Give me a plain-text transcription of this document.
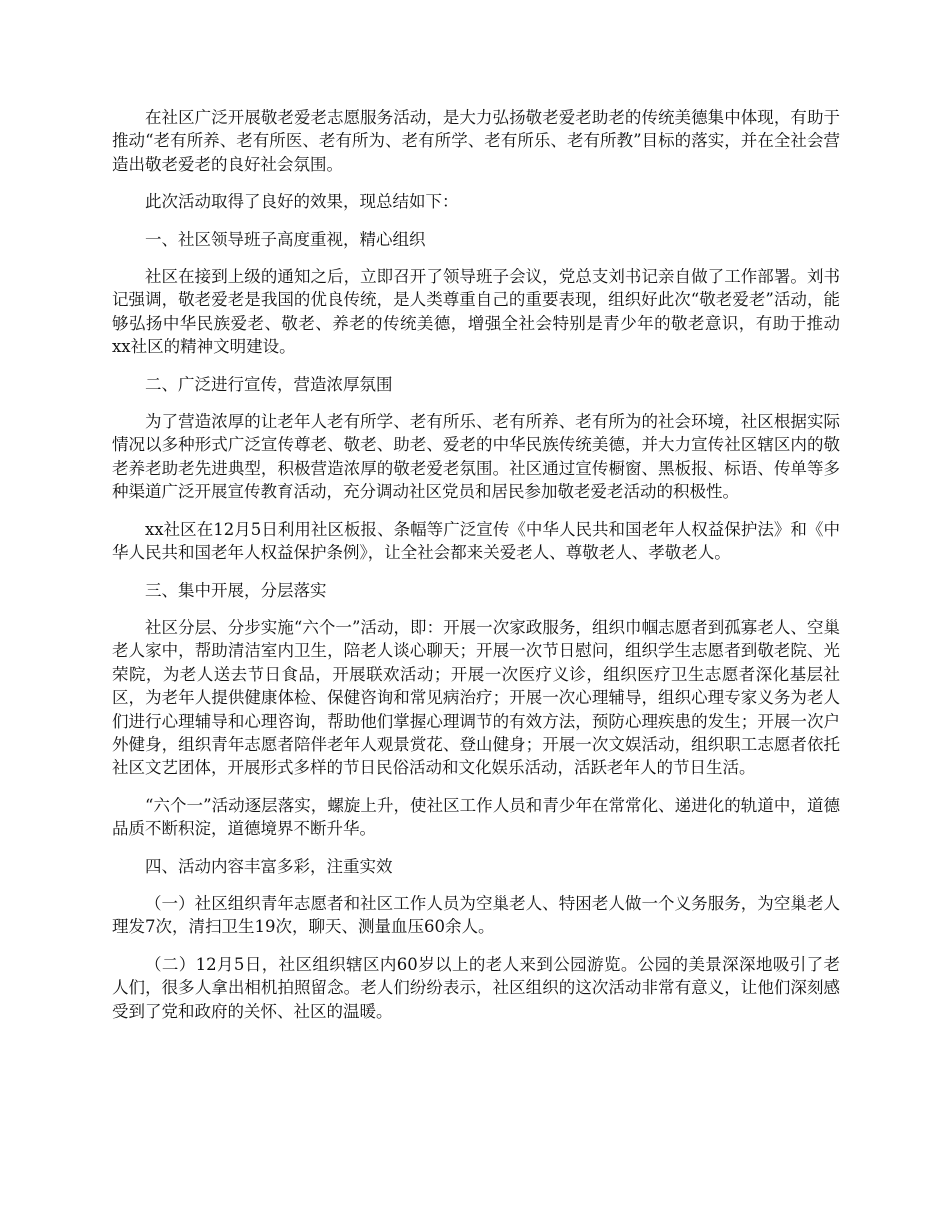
在社区广泛开展敬老爱老志愿服务活动，是大力弘扬敬老爱老助老的传统美德集中体现，有助于推动“老有所养、老有所医、老有所为、老有所学、老有所乐、老有所教”目标的落实，并在全社会营造出敬老爱老的良好社会氛围。

此次活动取得了良好的效果，现总结如下：

一、社区领导班子高度重视，精心组织

社区在接到上级的通知之后，立即召开了领导班子会议，党总支刘书记亲自做了工作部署。刘书记强调，敬老爱老是我国的优良传统，是人类尊重自己的重要表现，组织好此次“敬老爱老”活动，能够弘扬中华民族爱老、敬老、养老的传统美德，增强全社会特别是青少年的敬老意识，有助于推动xx社区的精神文明建设。

二、广泛进行宣传，营造浓厚氛围

为了营造浓厚的让老年人老有所学、老有所乐、老有所养、老有所为的社会环境，社区根据实际情况以多种形式广泛宣传尊老、敬老、助老、爱老的中华民族传统美德，并大力宣传社区辖区内的敬老养老助老先进典型，积极营造浓厚的敬老爱老氛围。社区通过宣传橱窗、黑板报、标语、传单等多种渠道广泛开展宣传教育活动，充分调动社区党员和居民参加敬老爱老活动的积极性。

xx社区在12月5日利用社区板报、条幅等广泛宣传《中华人民共和国老年人权益保护法》和《中华人民共和国老年人权益保护条例》，让全社会都来关爱老人、尊敬老人、孝敬老人。

三、集中开展，分层落实

社区分层、分步实施“六个一”活动，即：开展一次家政服务，组织巾帼志愿者到孤寡老人、空巢老人家中，帮助清洁室内卫生，陪老人谈心聊天；开展一次节日慰问，组织学生志愿者到敬老院、光荣院，为老人送去节日食品，开展联欢活动；开展一次医疗义诊，组织医疗卫生志愿者深化基层社区，为老年人提供健康体检、保健咨询和常见病治疗；开展一次心理辅导，组织心理专家义务为老人们进行心理辅导和心理咨询，帮助他们掌握心理调节的有效方法，预防心理疾患的发生；开展一次户外健身，组织青年志愿者陪伴老年人观景赏花、登山健身；开展一次文娱活动，组织职工志愿者依托社区文艺团体，开展形式多样的节日民俗活动和文化娱乐活动，活跃老年人的节日生活。

“六个一”活动逐层落实，螺旋上升，使社区工作人员和青少年在常常化、递进化的轨道中，道德品质不断积淀，道德境界不断升华。

四、活动内容丰富多彩，注重实效

（一）社区组织青年志愿者和社区工作人员为空巢老人、特困老人做一个义务服务，为空巢老人理发7次，清扫卫生19次，聊天、测量血压60余人。

（二）12月5日，社区组织辖区内60岁以上的老人来到公园游览。公园的美景深深地吸引了老人们，很多人拿出相机拍照留念。老人们纷纷表示，社区组织的这次活动非常有意义，让他们深刻感受到了党和政府的关怀、社区的温暖。
